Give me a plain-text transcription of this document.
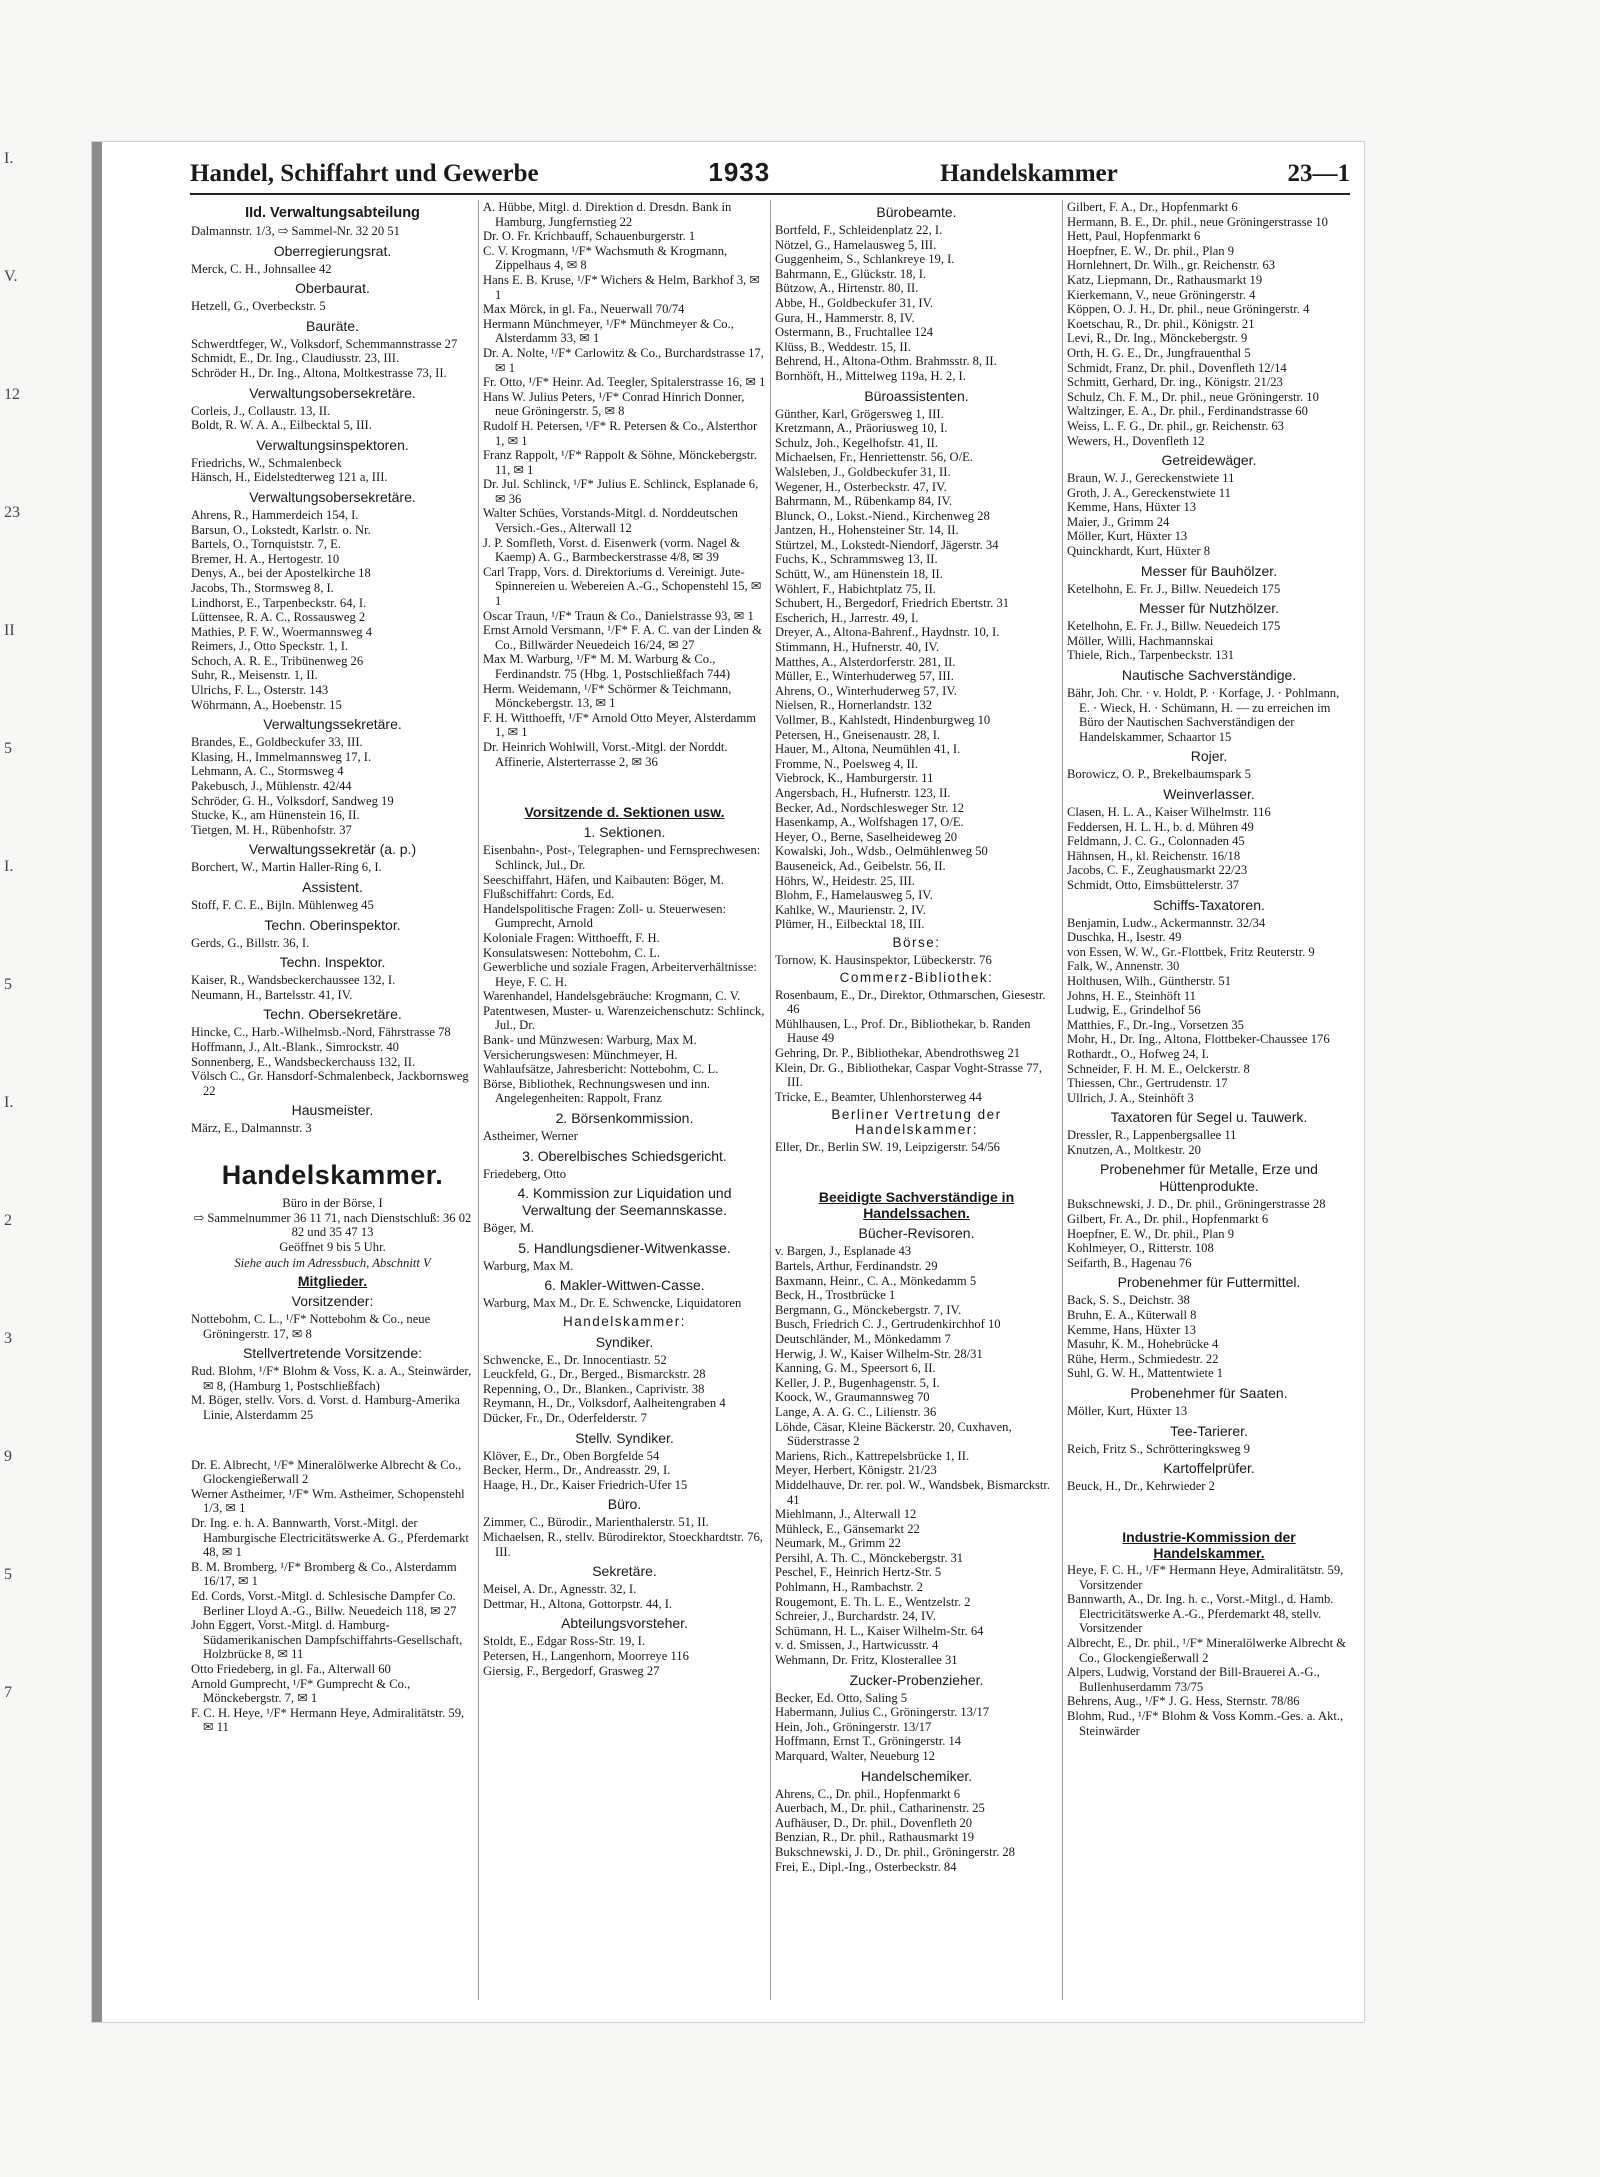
I.
V.
12
23
II
5
I.
5
I.
2
3
9
5
7
Handel, Schiffahrt und Gewerbe	1933	Handelskammer	23—1

IId. Verwaltungsabteilung

Dalmannstr. 1/3, ⇨ Sammel-Nr. 32 20 51

Oberregierungsrat.

Merck, C. H., Johnsallee 42

Oberbaurat.

Hetzell, G., Overbeckstr. 5

Bauräte.

Schwerdtfeger, W., Volksdorf, Schemmannstrasse 27

Schmidt, E., Dr. Ing., Claudiusstr. 23, III.

Schröder H., Dr. Ing., Altona, Moltkestrasse 73, II.

Verwaltungsobersekretäre.

Corleis, J., Collaustr. 13, II.

Boldt, R. W. A. A., Eilbecktal 5, III.

Verwaltungsinspektoren.

Friedrichs, W., Schmalenbeck

Hänsch, H., Eidelstedterweg 121 a, III.

Verwaltungsobersekretäre.

Ahrens, R., Hammerdeich 154, I.

Barsun, O., Lokstedt, Karlstr. o. Nr.

Bartels, O., Tornquiststr. 7, E.

Bremer, H. A., Hertogestr. 10

Denys, A., bei der Apostelkirche 18

Jacobs, Th., Stormsweg 8, I.

Lindhorst, E., Tarpenbeckstr. 64, I.

Lüttensee, R. A. C., Rossausweg 2

Mathies, P. F. W., Woermannsweg 4

Reimers, J., Otto Speckstr. 1, I.

Schoch, A. R. E., Tribünenweg 26

Suhr, R., Meisenstr. 1, II.

Ulrichs, F. L., Osterstr. 143

Wöhrmann, A., Hoebenstr. 15

Verwaltungssekretäre.

Brandes, E., Goldbeckufer 33, III.

Klasing, H., Immelmannsweg 17, I.

Lehmann, A. C., Stormsweg 4

Pakebusch, J., Mühlenstr. 42/44

Schröder, G. H., Volksdorf, Sandweg 19

Stucke, K., am Hünenstein 16, II.

Tietgen, M. H., Rübenhofstr. 37

Verwaltungssekretär (a. p.)

Borchert, W., Martin Haller-Ring 6, I.

Assistent.

Stoff, F. C. E., Bijln. Mühlenweg 45

Techn. Oberinspektor.

Gerds, G., Billstr. 36, I.

Techn. Inspektor.

Kaiser, R., Wandsbeckerchaussee 132, I.

Neumann, H., Bartelsstr. 41, IV.

Techn. Obersekretäre.

Hincke, C., Harb.-Wilhelmsb.-Nord, Fährstrasse 78

Hoffmann, J., Alt.-Blank., Simrockstr. 40

Sonnenberg, E., Wandsbeckerchauss 132, II.

Völsch C., Gr. Hansdorf-Schmalenbeck, Jackbornsweg 22

Hausmeister.

März, E., Dalmannstr. 3

Handelskammer.

Büro in der Börse, I

⇨ Sammelnummer 36 11 71, nach Dienstschluß: 36 02 82 und 35 47 13

Geöffnet 9 bis 5 Uhr.

Siehe auch im Adressbuch, Abschnitt V

Mitglieder.

Vorsitzender:

Nottebohm, C. L., ¹/F* Nottebohm & Co., neue Gröningerstr. 17, ✉ 8

Stellvertretende Vorsitzende:

Rud. Blohm, ¹/F* Blohm & Voss, K. a. A., Steinwärder, ✉ 8, (Hamburg 1, Postschließfach)

M. Böger, stellv. Vors. d. Vorst. d. Hamburg-Amerika Linie, Alsterdamm 25

Dr. E. Albrecht, ¹/F* Mineralölwerke Albrecht & Co., Glockengießerwall 2

Werner Astheimer, ¹/F* Wm. Astheimer, Schopenstehl 1/3, ✉ 1

Dr. Ing. e. h. A. Bannwarth, Vorst.-Mitgl. der Hamburgische Electricitätswerke A. G., Pferdemarkt 48, ✉ 1

B. M. Bromberg, ¹/F* Bromberg & Co., Alsterdamm 16/17, ✉ 1

Ed. Cords, Vorst.-Mitgl. d. Schlesische Dampfer Co. Berliner Lloyd A.-G., Billw. Neuedeich 118, ✉ 27

John Eggert, Vorst.-Mitgl. d. Hamburg-Südamerikanischen Dampfschiffahrts-Gesellschaft, Holzbrücke 8, ✉ 11

Otto Friedeberg, in gl. Fa., Alterwall 60

Arnold Gumprecht, ¹/F* Gumprecht & Co., Mönckebergstr. 7, ✉ 1

F. C. H. Heye, ¹/F* Hermann Heye, Admiralitätstr. 59, ✉ 11

A. Hübbe, Mitgl. d. Direktion d. Dresdn. Bank in Hamburg, Jungfernstieg 22

Dr. O. Fr. Krichbauff, Schauenburgerstr. 1

C. V. Krogmann, ¹/F* Wachsmuth & Krogmann, Zippelhaus 4, ✉ 8

Hans E. B. Kruse, ¹/F* Wichers & Helm, Barkhof 3, ✉ 1

Max Mörck, in gl. Fa., Neuerwall 70/74

Hermann Münchmeyer, ¹/F* Münchmeyer & Co., Alsterdamm 33, ✉ 1

Dr. A. Nolte, ¹/F* Carlowitz & Co., Burchardstrasse 17, ✉ 1

Fr. Otto, ¹/F* Heinr. Ad. Teegler, Spitalerstrasse 16, ✉ 1

Hans W. Julius Peters, ¹/F* Conrad Hinrich Donner, neue Gröningerstr. 5, ✉ 8

Rudolf H. Petersen, ¹/F* R. Petersen & Co., Alsterthor 1, ✉ 1

Franz Rappolt, ¹/F* Rappolt & Söhne, Mönckebergstr. 11, ✉ 1

Dr. Jul. Schlinck, ¹/F* Julius E. Schlinck, Esplanade 6, ✉ 36

Walter Schües, Vorstands-Mitgl. d. Norddeutschen Versich.-Ges., Alterwall 12

J. P. Somfleth, Vorst. d. Eisenwerk (vorm. Nagel & Kaemp) A. G., Barmbeckerstrasse 4/8, ✉ 39

Carl Trapp, Vors. d. Direktoriums d. Vereinigt. Jute-Spinnereien u. Webereien A.-G., Schopenstehl 15, ✉ 1

Oscar Traun, ¹/F* Traun & Co., Danielstrasse 93, ✉ 1

Ernst Arnold Versmann, ¹/F* F. A. C. van der Linden & Co., Billwärder Neuedeich 16/24, ✉ 27

Max M. Warburg, ¹/F* M. M. Warburg & Co., Ferdinandstr. 75 (Hbg. 1, Postschließfach 744)

Herm. Weidemann, ¹/F* Schörmer & Teichmann, Mönckebergstr. 13, ✉ 1

F. H. Witthoefft, ¹/F* Arnold Otto Meyer, Alsterdamm 1, ✉ 1

Dr. Heinrich Wohlwill, Vorst.-Mitgl. der Norddt. Affinerie, Alsterterrasse 2, ✉ 36

Vorsitzende d. Sektionen usw.

1. Sektionen.

Eisenbahn-, Post-, Telegraphen- und Fernsprechwesen: Schlinck, Jul., Dr.

Seeschiffahrt, Häfen, und Kaibauten: Böger, M.

Flußschiffahrt: Cords, Ed.

Handelspolitische Fragen: Zoll- u. Steuerwesen: Gumprecht, Arnold

Koloniale Fragen: Witthoefft, F. H.

Konsulatswesen: Nottebohm, C. L.

Gewerbliche und soziale Fragen, Arbeiterverhältnisse: Heye, F. C. H.

Warenhandel, Handelsgebräuche: Krogmann, C. V.

Patentwesen, Muster- u. Warenzeichenschutz: Schlinck, Jul., Dr.

Bank- und Münzwesen: Warburg, Max M.

Versicherungswesen: Münchmeyer, H.

Wahlaufsätze, Jahresbericht: Nottebohm, C. L.

Börse, Bibliothek, Rechnungswesen und inn. Angelegenheiten: Rappolt, Franz

2. Börsenkommission.

Astheimer, Werner

3. Oberelbisches Schiedsgericht.

Friedeberg, Otto

4. Kommission zur Liquidation und Verwaltung der Seemannskasse.

Böger, M.

5. Handlungsdiener-Witwenkasse.

Warburg, Max M.

6. Makler-Wittwen-Casse.

Warburg, Max M., Dr. E. Schwencke, Liquidatoren

Handelskammer:

Syndiker.

Schwencke, E., Dr. Innocentiastr. 52

Leuckfeld, G., Dr., Berged., Bismarckstr. 28

Repenning, O., Dr., Blanken., Caprivistr. 38

Reymann, H., Dr., Volksdorf, Aalheitengraben 4

Dücker, Fr., Dr., Oderfelderstr. 7

Stellv. Syndiker.

Klöver, E., Dr., Oben Borgfelde 54

Becker, Herm., Dr., Andreasstr. 29, I.

Haage, H., Dr., Kaiser Friedrich-Ufer 15

Büro.

Zimmer, C., Bürodir., Marienthalerstr. 51, II.

Michaelsen, R., stellv. Bürodirektor, Stoeckhardtstr. 76, III.

Sekretäre.

Meisel, A. Dr., Agnesstr. 32, I.

Dettmar, H., Altona, Gottorpstr. 44, I.

Abteilungsvorsteher.

Stoldt, E., Edgar Ross-Str. 19, I.

Petersen, H., Langenhorn, Moorreye 116

Giersig, F., Bergedorf, Grasweg 27

Bürobeamte.

Bortfeld, F., Schleidenplatz 22, I.

Nötzel, G., Hamelausweg 5, III.

Guggenheim, S., Schlankreye 19, I.

Bahrmann, E., Glückstr. 18, I.

Bützow, A., Hirtenstr. 80, II.

Abbe, H., Goldbeckufer 31, IV.

Gura, H., Hammerstr. 8, IV.

Ostermann, B., Fruchtallee 124

Klüss, B., Weddestr. 15, II.

Behrend, H., Altona-Othm. Brahmsstr. 8, II.

Bornhöft, H., Mittelweg 119a, H. 2, I.

Büroassistenten.

Günther, Karl, Grögersweg 1, III.

Kretzmann, A., Präoriusweg 10, I.

Schulz, Joh., Kegelhofstr. 41, II.

Michaelsen, Fr., Henriettenstr. 56, O/E.

Walsleben, J., Goldbeckufer 31, II.

Wegener, H., Osterbeckstr. 47, IV.

Bahrmann, M., Rübenkamp 84, IV.

Blunck, O., Lokst.-Niend., Kirchenweg 28

Jantzen, H., Hohensteiner Str. 14, II.

Stürtzel, M., Lokstedt-Niendorf, Jägerstr. 34

Fuchs, K., Schrammsweg 13, II.

Schütt, W., am Hünenstein 18, II.

Wöhlert, F., Habichtplatz 75, II.

Schubert, H., Bergedorf, Friedrich Ebertstr. 31

Escherich, H., Jarrestr. 49, I.

Dreyer, A., Altona-Bahrenf., Haydnstr. 10, I.

Stimmann, H., Hufnerstr. 40, IV.

Matthes, A., Alsterdorferstr. 281, II.

Müller, E., Winterhuderweg 57, III.

Ahrens, O., Winterhuderweg 57, IV.

Nielsen, R., Hornerlandstr. 132

Vollmer, B., Kahlstedt, Hindenburgweg 10

Petersen, H., Gneisenaustr. 28, I.

Hauer, M., Altona, Neumühlen 41, I.

Fromme, N., Poelsweg 4, II.

Viebrock, K., Hamburgerstr. 11

Angersbach, H., Hufnerstr. 123, II.

Becker, Ad., Nordschlesweger Str. 12

Hasenkamp, A., Wolfshagen 17, O/E.

Heyer, O., Berne, Saselheideweg 20

Kowalski, Joh., Wdsb., Oelmühlenweg 50

Bauseneick, Ad., Geibelstr. 56, II.

Höhrs, W., Heidestr. 25, III.

Blohm, F., Hamelausweg 5, IV.

Kahlke, W., Maurienstr. 2, IV.

Plümer, H., Eilbecktal 18, III.

Börse:

Tornow, K. Hausinspektor, Lübeckerstr. 76

Commerz-Bibliothek:

Rosenbaum, E., Dr., Direktor, Othmarschen, Giesestr. 46

Mühlhausen, L., Prof. Dr., Bibliothekar, b. Randen Hause 49

Gehring, Dr. P., Bibliothekar, Abendrothsweg 21

Klein, Dr. G., Bibliothekar, Caspar Voght-Strasse 77, III.

Tricke, E., Beamter, Uhlenhorsterweg 44

Berliner Vertretung der Handelskammer:

Eller, Dr., Berlin SW. 19, Leipzigerstr. 54/56

Beeidigte Sachverständige in Handelssachen.

Bücher-Revisoren.

v. Bargen, J., Esplanade 43

Bartels, Arthur, Ferdinandstr. 29

Baxmann, Heinr., C. A., Mönkedamm 5

Beck, H., Trostbrücke 1

Bergmann, G., Mönckebergstr. 7, IV.

Busch, Friedrich C. J., Gertrudenkirchhof 10

Deutschländer, M., Mönkedamm 7

Herwig, J. W., Kaiser Wilhelm-Str. 28/31

Kanning, G. M., Speersort 6, II.

Keller, J. P., Bugenhagenstr. 5, I.

Koock, W., Graumannsweg 70

Lange, A. A. G. C., Lilienstr. 36

Löhde, Cäsar, Kleine Bäckerstr. 20, Cuxhaven, Süderstrasse 2

Mariens, Rich., Kattrepelsbrücke 1, II.

Meyer, Herbert, Königstr. 21/23

Middelhauve, Dr. rer. pol. W., Wandsbek, Bismarckstr. 41

Miehlmann, J., Alterwall 12

Mühleck, E., Gänsemarkt 22

Neumark, M., Grimm 22

Persihl, A. Th. C., Mönckebergstr. 31

Peschel, F., Heinrich Hertz-Str. 5

Pohlmann, H., Rambachstr. 2

Rougemont, E. Th. L. E., Wentzelstr. 2

Schreier, J., Burchardstr. 24, IV.

Schümann, H. L., Kaiser Wilhelm-Str. 64

v. d. Smissen, J., Hartwicusstr. 4

Wehmann, Dr. Fritz, Klosterallee 31

Zucker-Probenzieher.

Becker, Ed. Otto, Saling 5

Habermann, Julius C., Gröningerstr. 13/17

Hein, Joh., Gröningerstr. 13/17

Hoffmann, Ernst T., Gröningerstr. 14

Marquard, Walter, Neueburg 12

Handelschemiker.

Ahrens, C., Dr. phil., Hopfenmarkt 6

Auerbach, M., Dr. phil., Catharinenstr. 25

Aufhäuser, D., Dr. phil., Dovenfleth 20

Benzian, R., Dr. phil., Rathausmarkt 19

Bukschnewski, J. D., Dr. phil., Gröningerstr. 28

Frei, E., Dipl.-Ing., Osterbeckstr. 84

Gilbert, F. A., Dr., Hopfenmarkt 6

Hermann, B. E., Dr. phil., neue Gröningerstrasse 10

Hett, Paul, Hopfenmarkt 6

Hoepfner, E. W., Dr. phil., Plan 9

Hornlehnert, Dr. Wilh., gr. Reichenstr. 63

Katz, Liepmann, Dr., Rathausmarkt 19

Kierkemann, V., neue Gröningerstr. 4

Köppen, O. J. H., Dr. phil., neue Gröningerstr. 4

Koetschau, R., Dr. phil., Königstr. 21

Levi, R., Dr. Ing., Mönckebergstr. 9

Orth, H. G. E., Dr., Jungfrauenthal 5

Schmidt, Franz, Dr. phil., Dovenfleth 12/14

Schmitt, Gerhard, Dr. ing., Königstr. 21/23

Schulz, Ch. F. M., Dr. phil., neue Gröningerstr. 10

Waltzinger, E. A., Dr. phil., Ferdinandstrasse 60

Weiss, L. F. G., Dr. phil., gr. Reichenstr. 63

Wewers, H., Dovenfleth 12

Getreidewäger.

Braun, W. J., Gereckenstwiete 11

Groth, J. A., Gereckenstwiete 11

Kemme, Hans, Hüxter 13

Maier, J., Grimm 24

Möller, Kurt, Hüxter 13

Quinckhardt, Kurt, Hüxter 8

Messer für Bauhölzer.

Ketelhohn, E. Fr. J., Billw. Neuedeich 175

Messer für Nutzhölzer.

Ketelhohn, E. Fr. J., Billw. Neuedeich 175

Möller, Willi, Hachmannskai

Thiele, Rich., Tarpenbeckstr. 131

Nautische Sachverständige.

Bähr, Joh. Chr. · v. Holdt, P. · Korfage, J. · Pohlmann, E. · Wieck, H. · Schümann, H. — zu erreichen im Büro der Nautischen Sachverständigen der Handelskammer, Schaartor 15

Rojer.

Borowicz, O. P., Brekelbaumspark 5

Weinverlasser.

Clasen, H. L. A., Kaiser Wilhelmstr. 116

Feddersen, H. L. H., b. d. Mühren 49

Feldmann, J. C. G., Colonnaden 45

Hähnsen, H., kl. Reichenstr. 16/18

Jacobs, C. F., Zeughausmarkt 22/23

Schmidt, Otto, Eimsbüttelerstr. 37

Schiffs-Taxatoren.

Benjamin, Ludw., Ackermannstr. 32/34

Duschka, H., Isestr. 49

von Essen, W. W., Gr.-Flottbek, Fritz Reuterstr. 9

Falk, W., Annenstr. 30

Holthusen, Wilh., Güntherstr. 51

Johns, H. E., Steinhöft 11

Ludwig, E., Grindelhof 56

Matthies, F., Dr.-Ing., Vorsetzen 35

Mohr, H., Dr. Ing., Altona, Flottbeker-Chaussee 176

Rothardt., O., Hofweg 24, I.

Schneider, F. H. M. E., Oelckerstr. 8

Thiessen, Chr., Gertrudenstr. 17

Ullrich, J. A., Steinhöft 3

Taxatoren für Segel u. Tauwerk.

Dressler, R., Lappenbergsallee 11

Knutzen, A., Moltkestr. 20

Probenehmer für Metalle, Erze und Hüttenprodukte.

Bukschnewski, J. D., Dr. phil., Gröningerstrasse 28

Gilbert, Fr. A., Dr. phil., Hopfenmarkt 6

Hoepfner, E. W., Dr. phil., Plan 9

Kohlmeyer, O., Ritterstr. 108

Seifarth, B., Hagenau 76

Probenehmer für Futtermittel.

Back, S. S., Deichstr. 38

Bruhn, E. A., Küterwall 8

Kemme, Hans, Hüxter 13

Masuhr, K. M., Hohebrücke 4

Rühe, Herm., Schmiedestr. 22

Suhl, G. W. H., Mattentwiete 1

Probenehmer für Saaten.

Möller, Kurt, Hüxter 13

Tee-Tarierer.

Reich, Fritz S., Schrötteringksweg 9

Kartoffelprüfer.

Beuck, H., Dr., Kehrwieder 2

Industrie-Kommission der Handelskammer.

Heye, F. C. H., ¹/F* Hermann Heye, Admiralitätstr. 59, Vorsitzender

Bannwarth, A., Dr. Ing. h. c., Vorst.-Mitgl., d. Hamb. Electricitätswerke A.-G., Pferdemarkt 48, stellv. Vorsitzender

Albrecht, E., Dr. phil., ¹/F* Mineralölwerke Albrecht & Co., Glockengießerwall 2

Alpers, Ludwig, Vorstand der Bill-Brauerei A.-G., Bullenhuserdamm 73/75

Behrens, Aug., ¹/F* J. G. Hess, Sternstr. 78/86

Blohm, Rud., ¹/F* Blohm & Voss Komm.-Ges. a. Akt., Steinwärder
